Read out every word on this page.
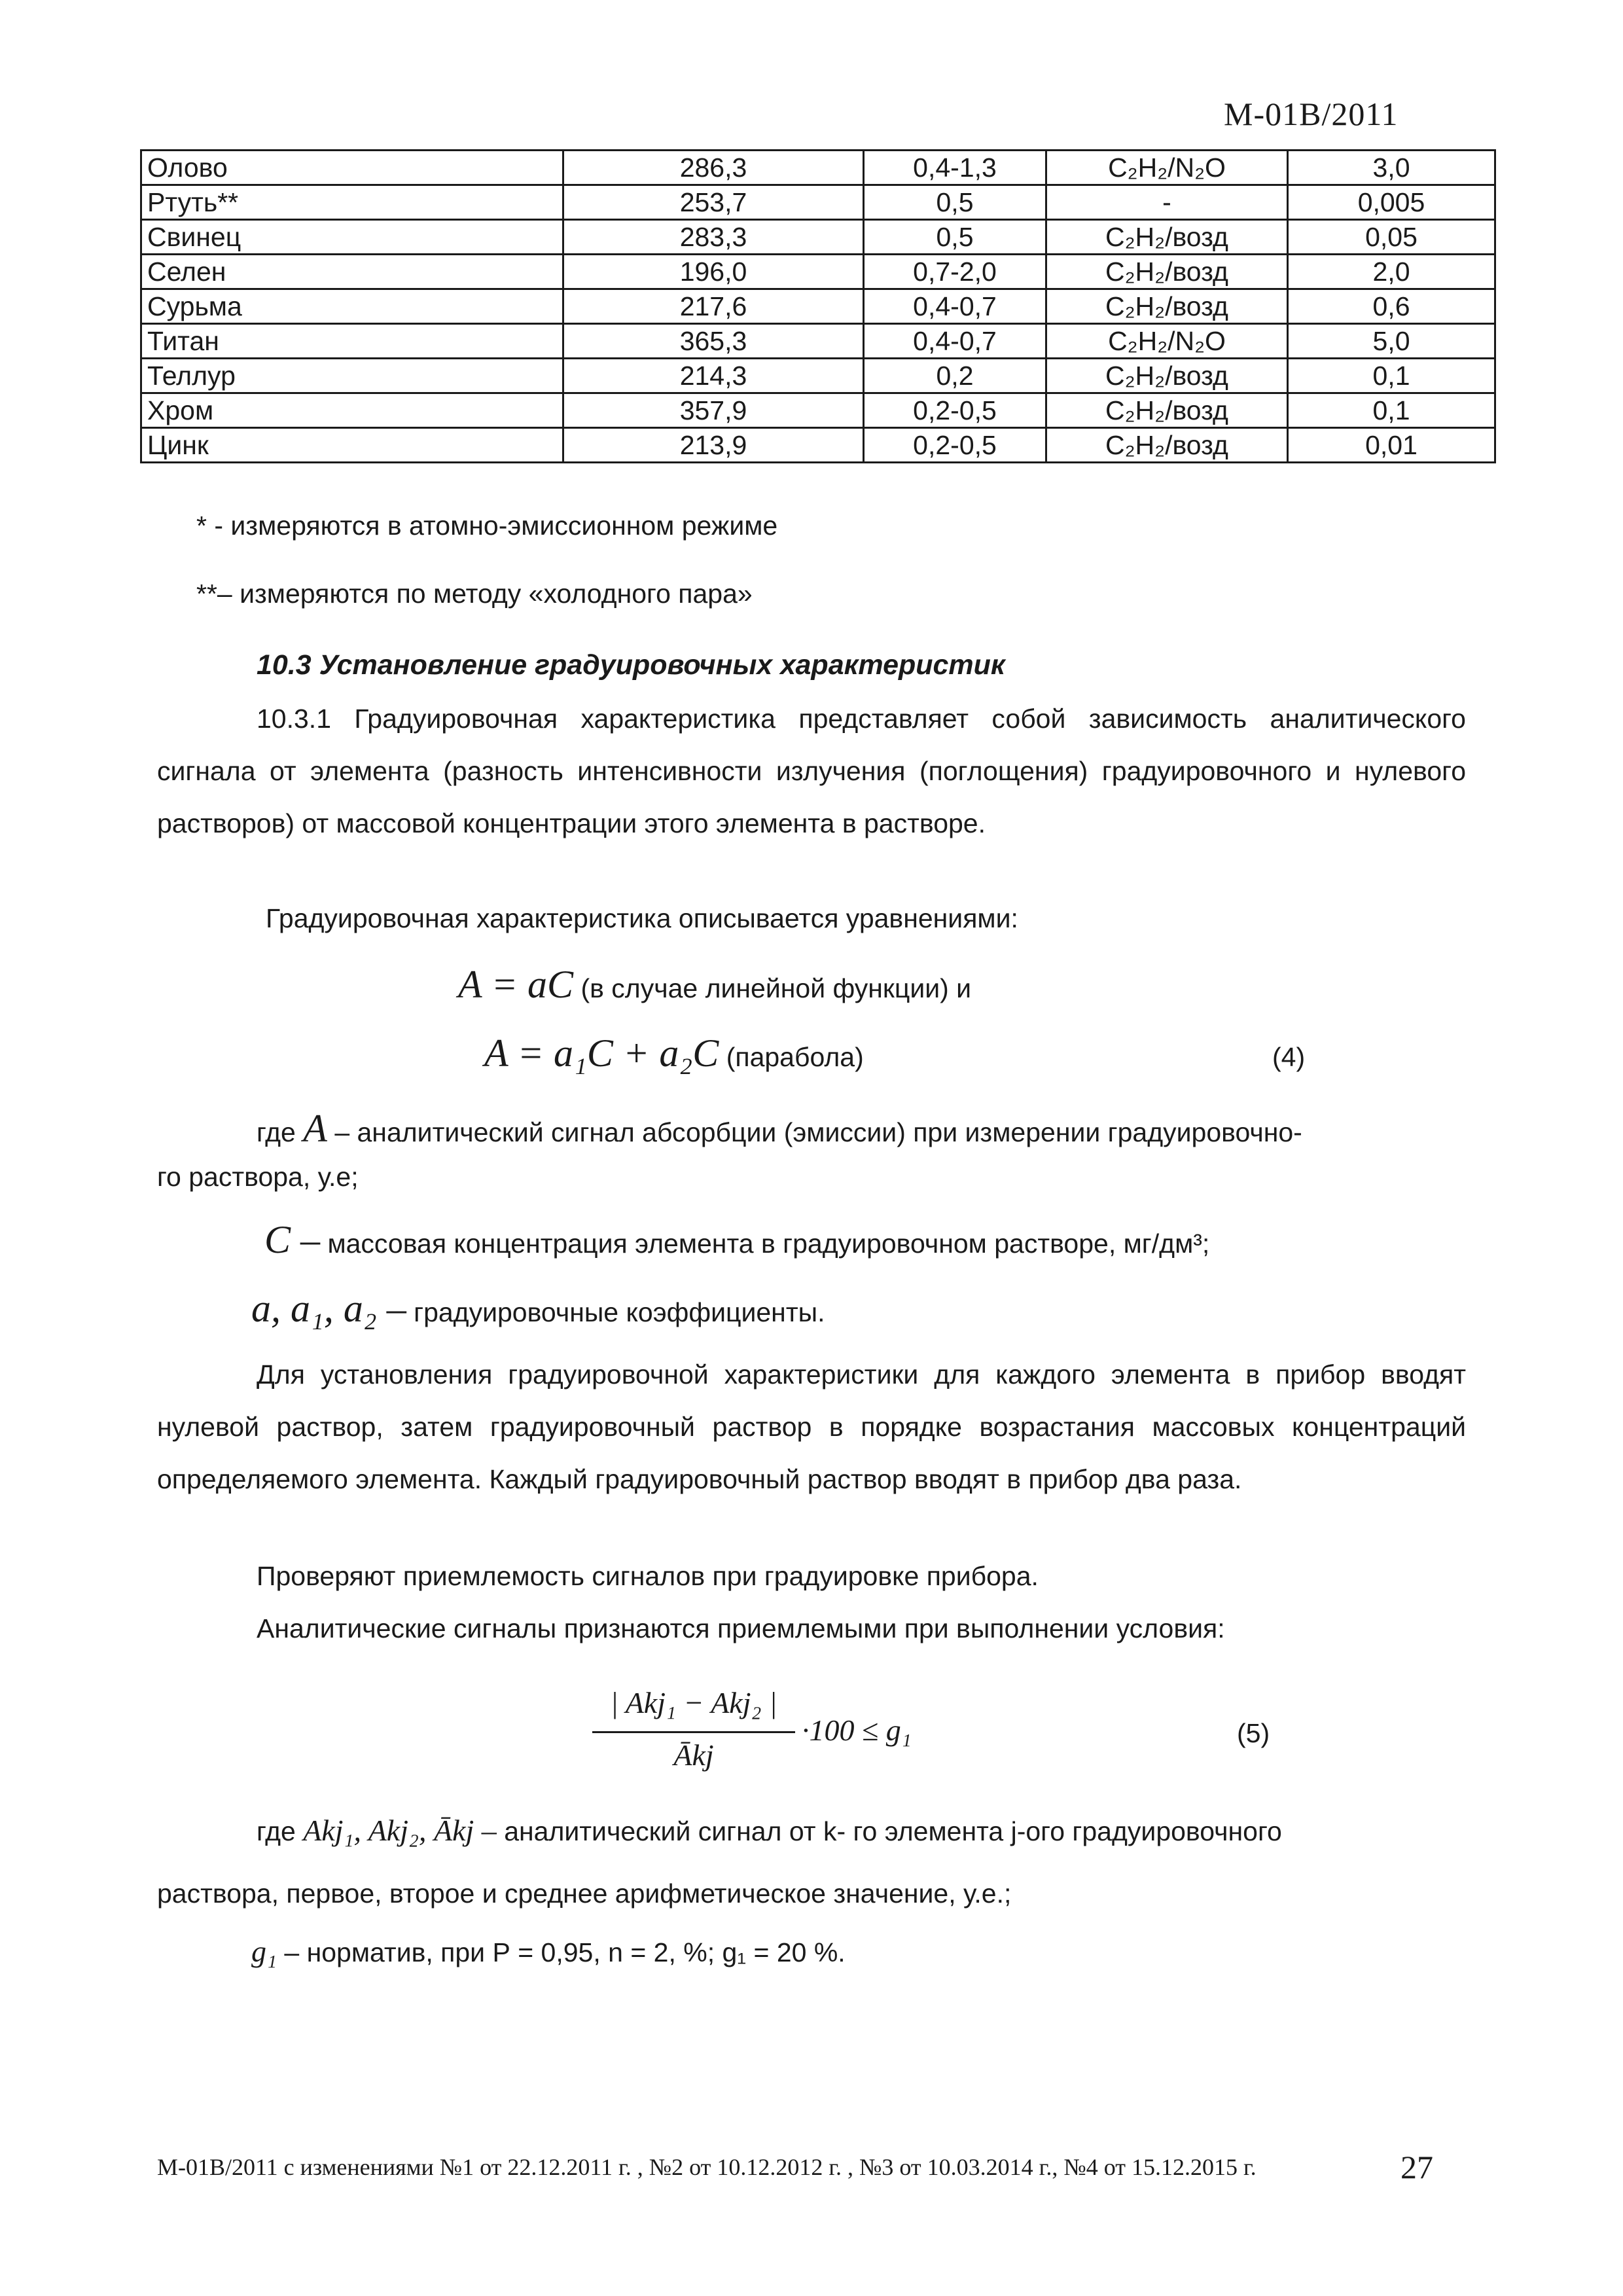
М-01В/2011
Олово	286,3	0,4-1,3	C₂H₂/N₂O	3,0
Ртуть**	253,7	0,5	-	0,005
Свинец	283,3	0,5	C₂H₂/возд	0,05
Селен	196,0	0,7-2,0	C₂H₂/возд	2,0
Сурьма	217,6	0,4-0,7	C₂H₂/возд	0,6
Титан	365,3	0,4-0,7	C₂H₂/N₂O	5,0
Теллур	214,3	0,2	C₂H₂/возд	0,1
Хром	357,9	0,2-0,5	C₂H₂/возд	0,1
Цинк	213,9	0,2-0,5	C₂H₂/возд	0,01
* - измеряются в атомно-эмиссионном режиме
**– измеряются по методу «холодного пара»
10.3 Установление градуировочных характеристик
10.3.1 Градуировочная характеристика представляет собой зависимость аналитического сигнала от элемента (разность интенсивности излучения (поглощения) градуировочного и нулевого растворов) от массовой концентрации этого элемента в растворе.
Градуировочная характеристика описывается уравнениями:
A = aC (в случае линейной функции) и
A = a₁C + a₂C (парабола)	(4)
где A – аналитический сигнал абсорбции (эмиссии) при измерении градуировочно-
го раствора, у.е;
C – массовая концентрация элемента в градуировочном растворе, мг/дм³;
a, a₁, a₂ – градуировочные коэффициенты.
Для установления градуировочной характеристики для каждого элемента в прибор вводят нулевой раствор, затем градуировочный раствор в порядке возрастания массовых концентраций определяемого элемента. Каждый градуировочный раствор вводят в прибор два раза.
Проверяют приемлемость сигналов при градуировке прибора.
Аналитические сигналы признаются приемлемыми при выполнении условия:
| Akj₁ − Akj₂ |
Ākj
·100 ≤ g₁	(5)
где Akj₁, Akj₂, Ākj – аналитический сигнал от k- го элемента j-ого градуировочного
раствора, первое, второе и среднее арифметическое значение, у.е.;
g₁ – норматив, при Р = 0,95, n = 2, %; g₁ = 20 %.
М-01В/2011 с изменениями №1 от 22.12.2011 г. , №2 от 10.12.2012 г. , №3 от 10.03.2014 г., №4 от 15.12.2015 г.	27
